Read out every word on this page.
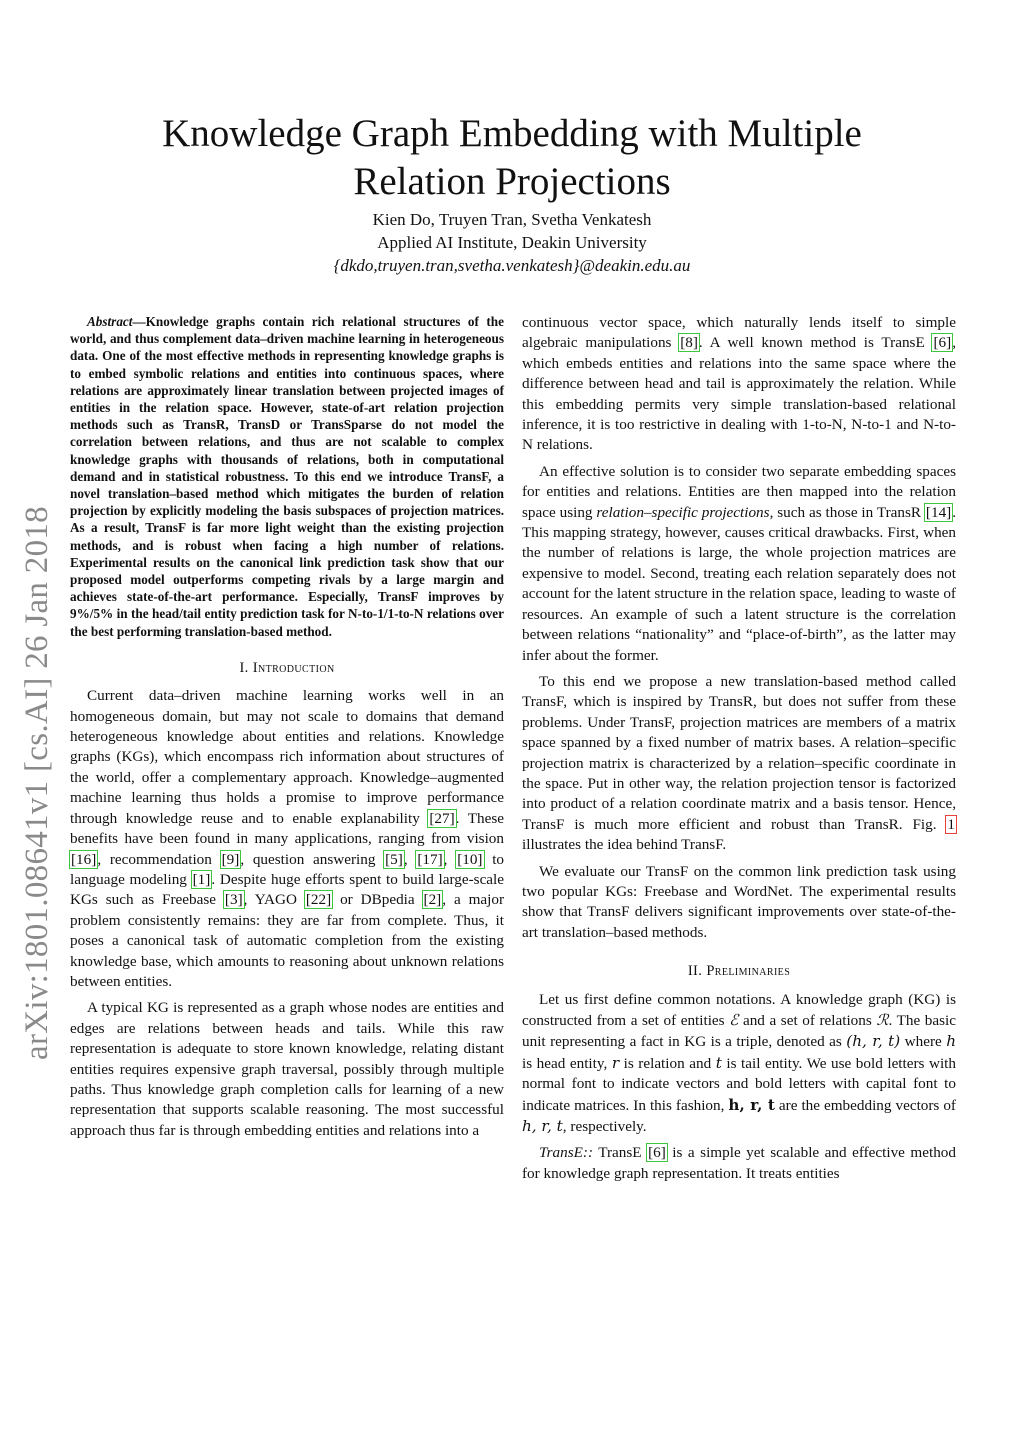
arXiv:1801.08641v1 [cs.AI] 26 Jan 2018
Knowledge Graph Embedding with Multiple Relation Projections
Kien Do, Truyen Tran, Svetha Venkatesh
Applied AI Institute, Deakin University
{dkdo,truyen.tran,svetha.venkatesh}@deakin.edu.au
Abstract—Knowledge graphs contain rich relational structures of the world, and thus complement data–driven machine learning in heterogeneous data. One of the most effective methods in representing knowledge graphs is to embed symbolic relations and entities into continuous spaces, where relations are approximately linear translation between projected images of entities in the relation space. However, state-of-art relation projection methods such as TransR, TransD or TransSparse do not model the correlation between relations, and thus are not scalable to complex knowledge graphs with thousands of relations, both in computational demand and in statistical robustness. To this end we introduce TransF, a novel translation–based method which mitigates the burden of relation projection by explicitly modeling the basis subspaces of projection matrices. As a result, TransF is far more light weight than the existing projection methods, and is robust when facing a high number of relations. Experimental results on the canonical link prediction task show that our proposed model outperforms competing rivals by a large margin and achieves state-of-the-art performance. Especially, TransF improves by 9%/5% in the head/tail entity prediction task for N-to-1/1-to-N relations over the best performing translation-based method.
I. Introduction

Current data–driven machine learning works well in an homogeneous domain, but may not scale to domains that demand heterogeneous knowledge about entities and relations. Knowledge graphs (KGs), which encompass rich information about structures of the world, offer a complementary approach. Knowledge–augmented machine learning thus holds a promise to improve performance through knowledge reuse and to enable explanability [27]. These benefits have been found in many applications, ranging from vision [16], recommendation [9], question answering [5], [17], [10] to language modeling [1]. Despite huge efforts spent to build large-scale KGs such as Freebase [3], YAGO [22] or DBpedia [2], a major problem consistently remains: they are far from complete. Thus, it poses a canonical task of automatic completion from the existing knowledge base, which amounts to reasoning about unknown relations between entities.

A typical KG is represented as a graph whose nodes are entities and edges are relations between heads and tails. While this raw representation is adequate to store known knowledge, relating distant entities requires expensive graph traversal, possibly through multiple paths. Thus knowledge graph completion calls for learning of a new representation that supports scalable reasoning. The most successful approach thus far is through embedding entities and relations into a

continuous vector space, which naturally lends itself to simple algebraic manipulations [8]. A well known method is TransE [6], which embeds entities and relations into the same space where the difference between head and tail is approximately the relation. While this embedding permits very simple translation-based relational inference, it is too restrictive in dealing with 1-to-N, N-to-1 and N-to-N relations.

An effective solution is to consider two separate embedding spaces for entities and relations. Entities are then mapped into the relation space using relation–specific projections, such as those in TransR [14]. This mapping strategy, however, causes critical drawbacks. First, when the number of relations is large, the whole projection matrices are expensive to model. Second, treating each relation separately does not account for the latent structure in the relation space, leading to waste of resources. An example of such a latent structure is the correlation between relations “nationality” and “place-of-birth”, as the latter may infer about the former.

To this end we propose a new translation-based method called TransF, which is inspired by TransR, but does not suffer from these problems. Under TransF, projection matrices are members of a matrix space spanned by a fixed number of matrix bases. A relation–specific projection matrix is characterized by a relation–specific coordinate in the space. Put in other way, the relation projection tensor is factorized into product of a relation coordinate matrix and a basis tensor. Hence, TransF is much more efficient and robust than TransR. Fig. 1 illustrates the idea behind TransF.

We evaluate our TransF on the common link prediction task using two popular KGs: Freebase and WordNet. The experimental results show that TransF delivers significant improvements over state-of-the-art translation–based methods.

II. Preliminaries

Let us first define common notations. A knowledge graph (KG) is constructed from a set of entities ℰ and a set of relations ℛ. The basic unit representing a fact in KG is a triple, denoted as (h, r, t) where h is head entity, r is relation and t is tail entity. We use bold letters with normal font to indicate vectors and bold letters with capital font to indicate matrices. In this fashion, h, r, t are the embedding vectors of h, r, t, respectively.

TransE:: TransE [6] is a simple yet scalable and effective method for knowledge graph representation. It treats entities
